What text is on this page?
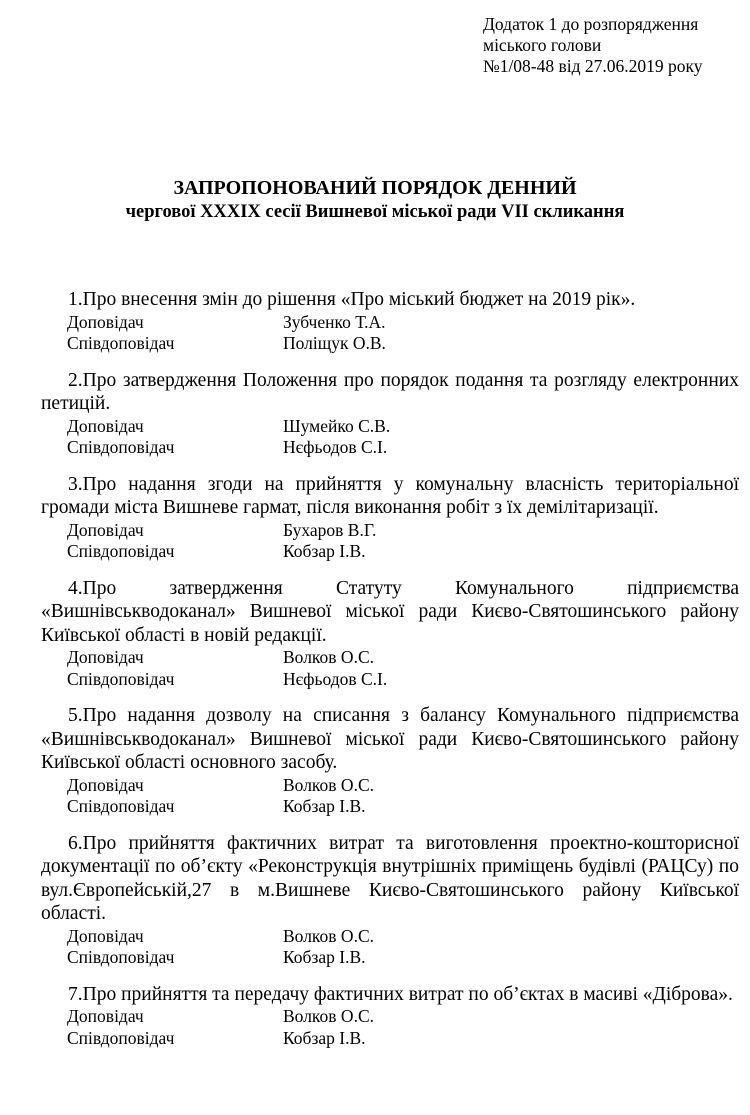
Додаток 1 до розпорядження
міського голови
№1/08-48 від 27.06.2019 року
ЗАПРОПОНОВАНИЙ ПОРЯДОК ДЕННИЙ
чергової XXXIX сесії Вишневої міської ради VII скликання
1.Про внесення змін до рішення «Про міський бюджет на 2019 рік».
Доповідач	Зубченко Т.А.
Співдоповідач	Поліщук О.В.
2.Про затвердження Положення про порядок подання та розгляду електронних петицій.
Доповідач	Шумейко С.В.
Співдоповідач	Нєфьодов С.І.
3.Про надання згоди на прийняття у комунальну власність територіальної громади міста Вишневе гармат, після виконання робіт з їх демілітаризації.
Доповідач	Бухаров В.Г.
Співдоповідач	Кобзар І.В.
4.Про затвердження Статуту Комунального підприємства «Вишнівськводоканал» Вишневої міської ради Києво-Святошинського району Київської області в новій редакції.
Доповідач	Волков О.С.
Співдоповідач	Нєфьодов С.І.
5.Про надання дозволу на списання з балансу Комунального підприємства «Вишнівськводоканал» Вишневої міської ради Києво-Святошинського району Київської області основного засобу.
Доповідач	Волков О.С.
Співдоповідач	Кобзар І.В.
6.Про прийняття фактичних витрат та виготовлення проектно-кошторисної документації по об’єкту «Реконструкція внутрішніх приміщень будівлі (РАЦСу) по вул.Європейській,27 в м.Вишневе Києво-Святошинського району Київської області.
Доповідач	Волков О.С.
Співдоповідач	Кобзар І.В.
7.Про прийняття та передачу фактичних витрат по об’єктах в масиві «Діброва».
Доповідач	Волков О.С.
Співдоповідач	Кобзар І.В.
